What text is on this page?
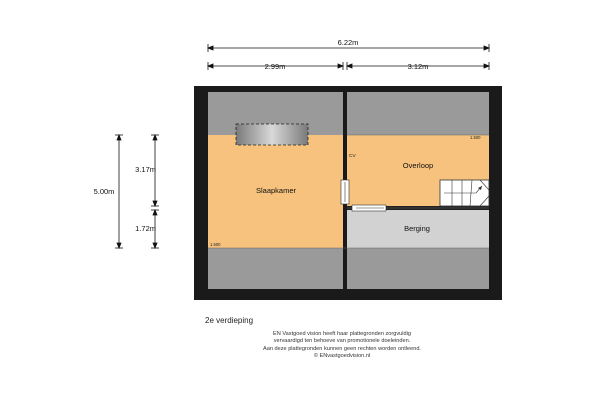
6.22m
2.99m	3.12m
5.00m
3.17m
1.72m
Slaapkamer
Overloop
Berging
CV
1.500
1.500
2e verdieping
EN Vastgoed vision heeft haar plattegronden zorgvuldig
vervaardigd ten behoeve van promotionele doeleinden.
Aan deze plattegronden kunnen geen rechten worden ontleend.
© ENvastgoedvision.nl
